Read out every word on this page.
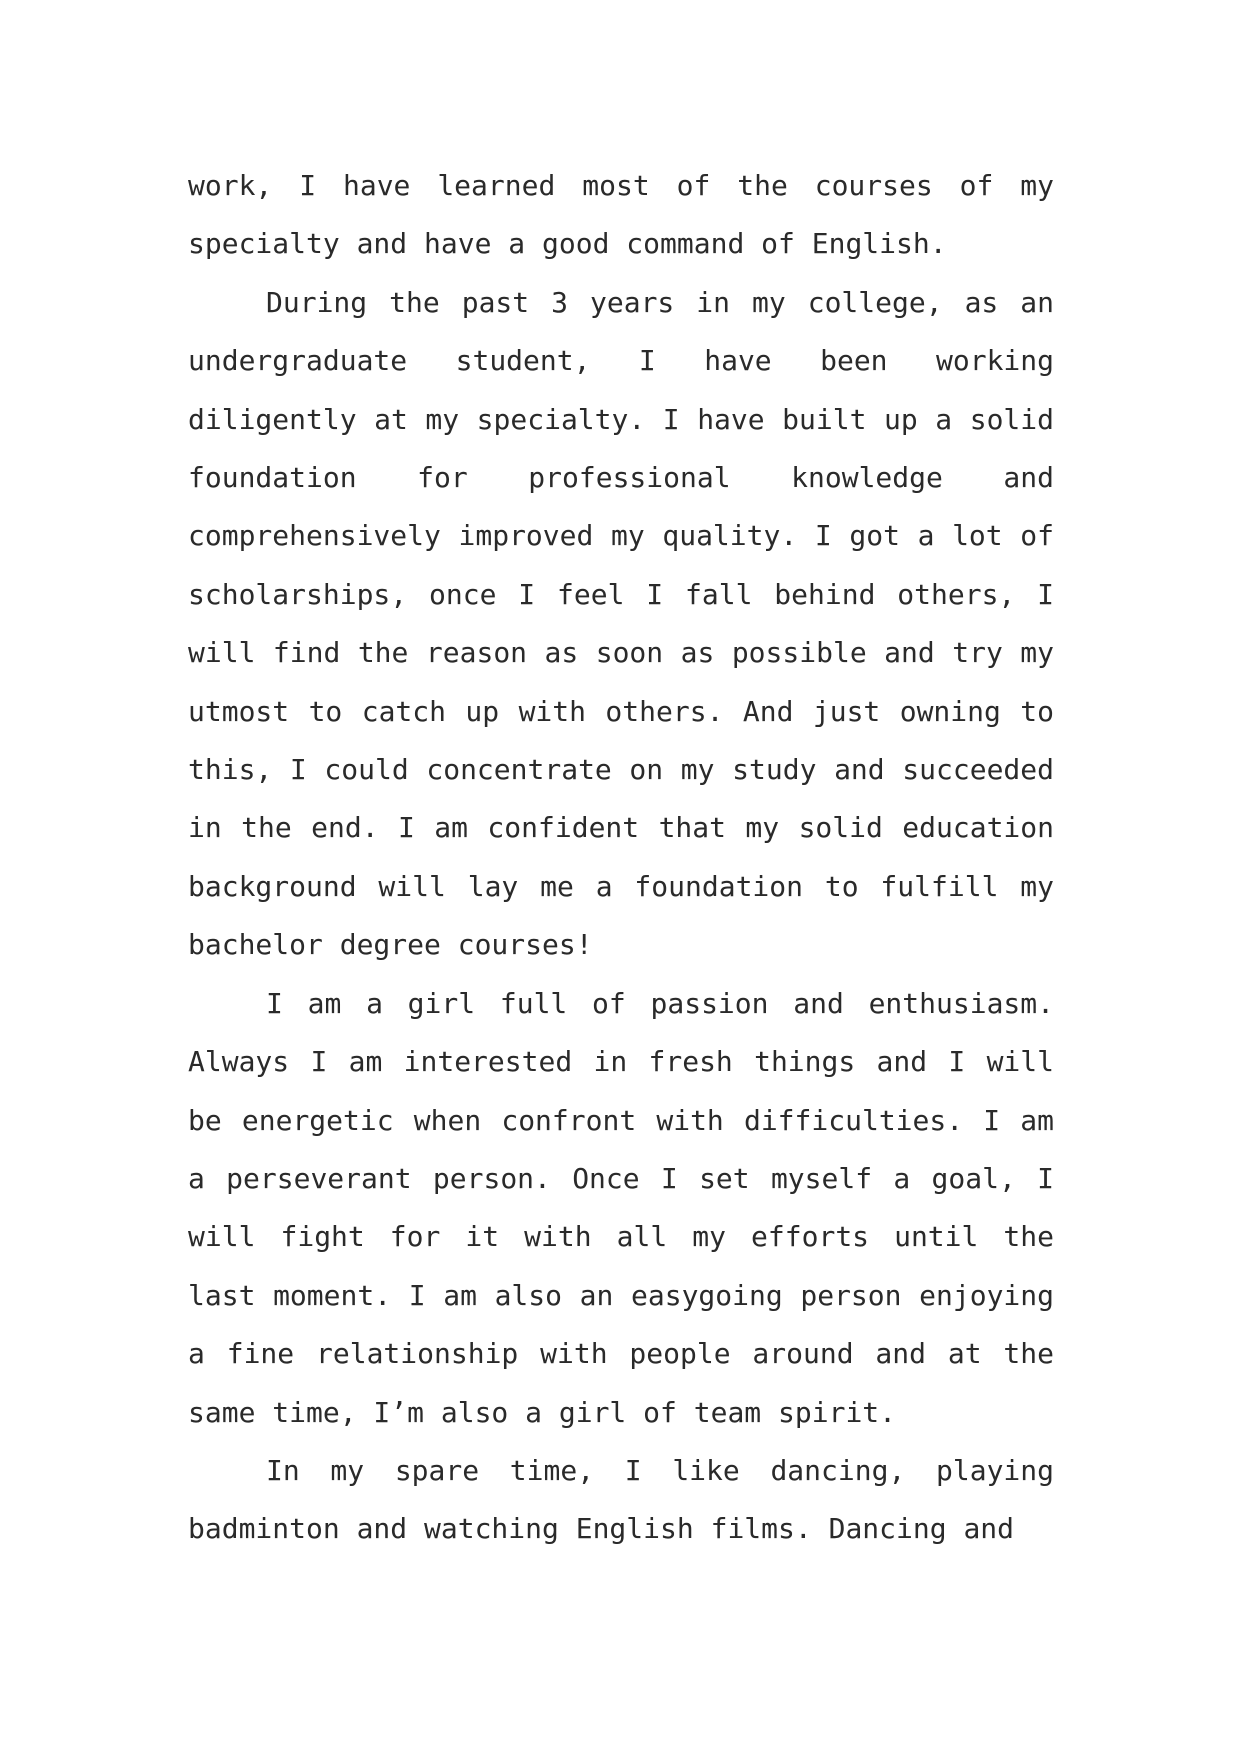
work, I have learned most of the courses of my specialty and have a good command of English.

During the past 3 years in my college, as an undergraduate student, I have been working diligently at my specialty. I have built up a solid foundation for professional knowledge and comprehensively improved my quality. I got a lot of scholarships, once I feel I fall behind others, I will find the reason as soon as possible and try my utmost to catch up with others. And just owning to this, I could concentrate on my study and succeeded in the end. I am confident that my solid education background will lay me a foundation to fulfill my bachelor degree courses!

I am a girl full of passion and enthusiasm. Always I am interested in fresh things and I will be energetic when confront with difficulties. I am a perseverant person. Once I set myself a goal, I will fight for it with all my efforts until the last moment. I am also an easygoing person enjoying a fine relationship with people around and at the same time, I’m also a girl of team spirit.

In my spare time, I like dancing, playing badminton and watching English films. Dancing and
